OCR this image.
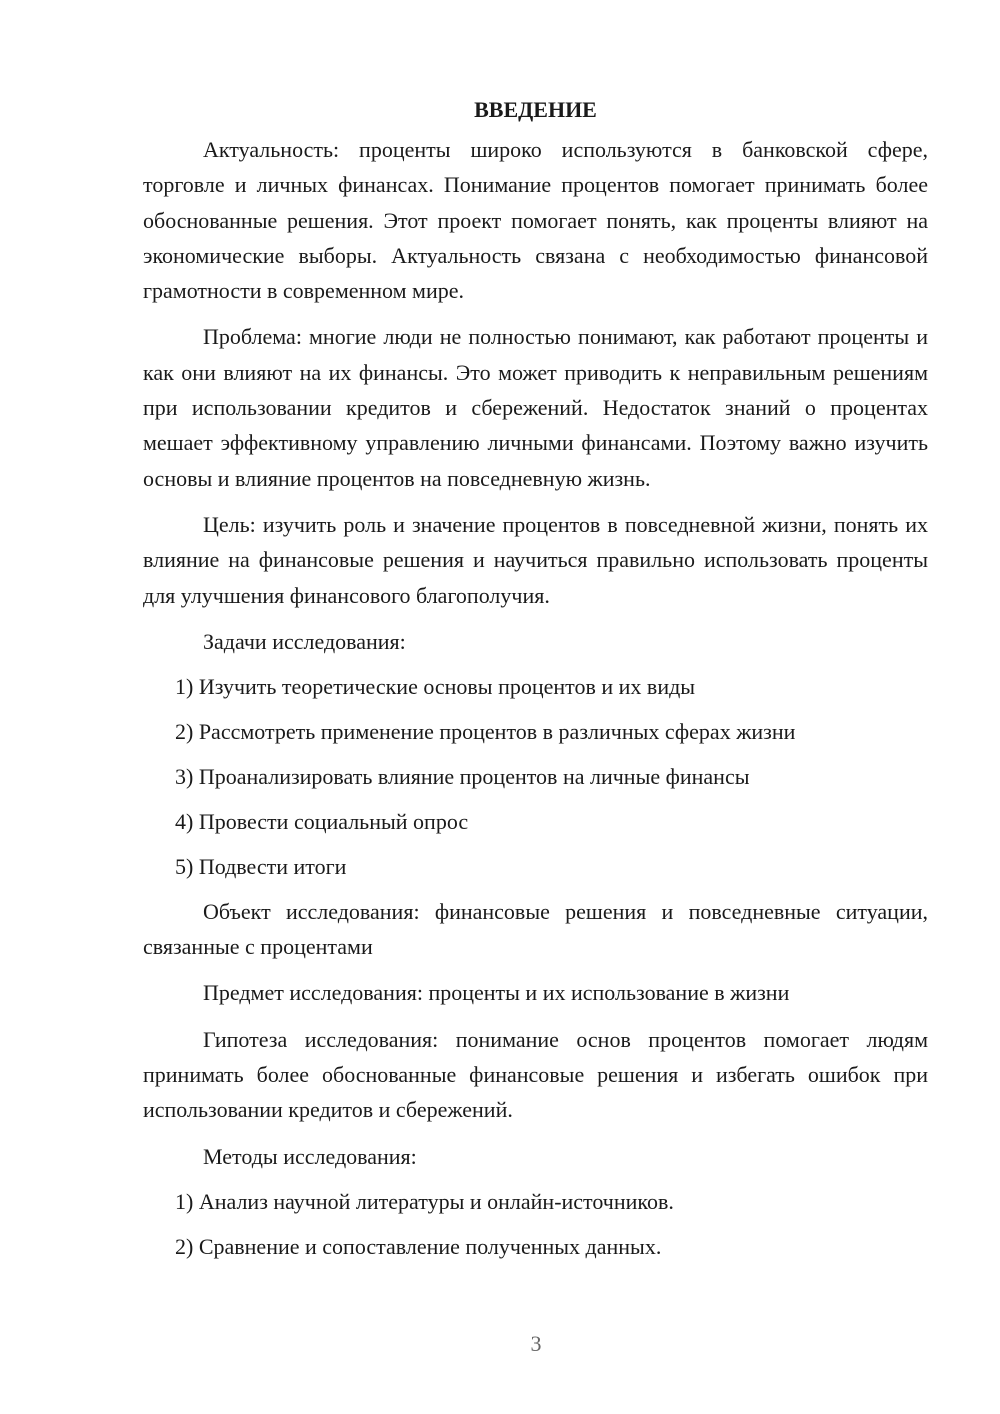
ВВЕДЕНИЕ

Актуальность: проценты широко используются в банковской сфере, торговле и личных финансах. Понимание процентов помогает принимать более обоснованные решения. Этот проект помогает понять, как проценты влияют на экономические выборы. Актуальность связана с необходимостью финансовой грамотности в современном мире.

Проблема: многие люди не полностью понимают, как работают проценты и как они влияют на их финансы. Это может приводить к неправильным решениям при использовании кредитов и сбережений. Недостаток знаний о процентах мешает эффективному управлению личными финансами. Поэтому важно изучить основы и влияние процентов на повседневную жизнь.

Цель: изучить роль и значение процентов в повседневной жизни, понять их влияние на финансовые решения и научиться правильно использовать проценты для улучшения финансового благополучия.

Задачи исследования:
1) Изучить теоретические основы процентов и их виды
2) Рассмотреть применение процентов в различных сферах жизни
3) Проанализировать влияние процентов на личные финансы
4) Провести социальный опрос
5) Подвести итоги

Объект исследования: финансовые решения и повседневные ситуации, связанные с процентами

Предмет исследования: проценты и их использование в жизни

Гипотеза исследования: понимание основ процентов помогает людям принимать более обоснованные финансовые решения и избегать ошибок при использовании кредитов и сбережений.

Методы исследования:
1) Анализ научной литературы и онлайн-источников.
2) Сравнение и сопоставление полученных данных.
3
